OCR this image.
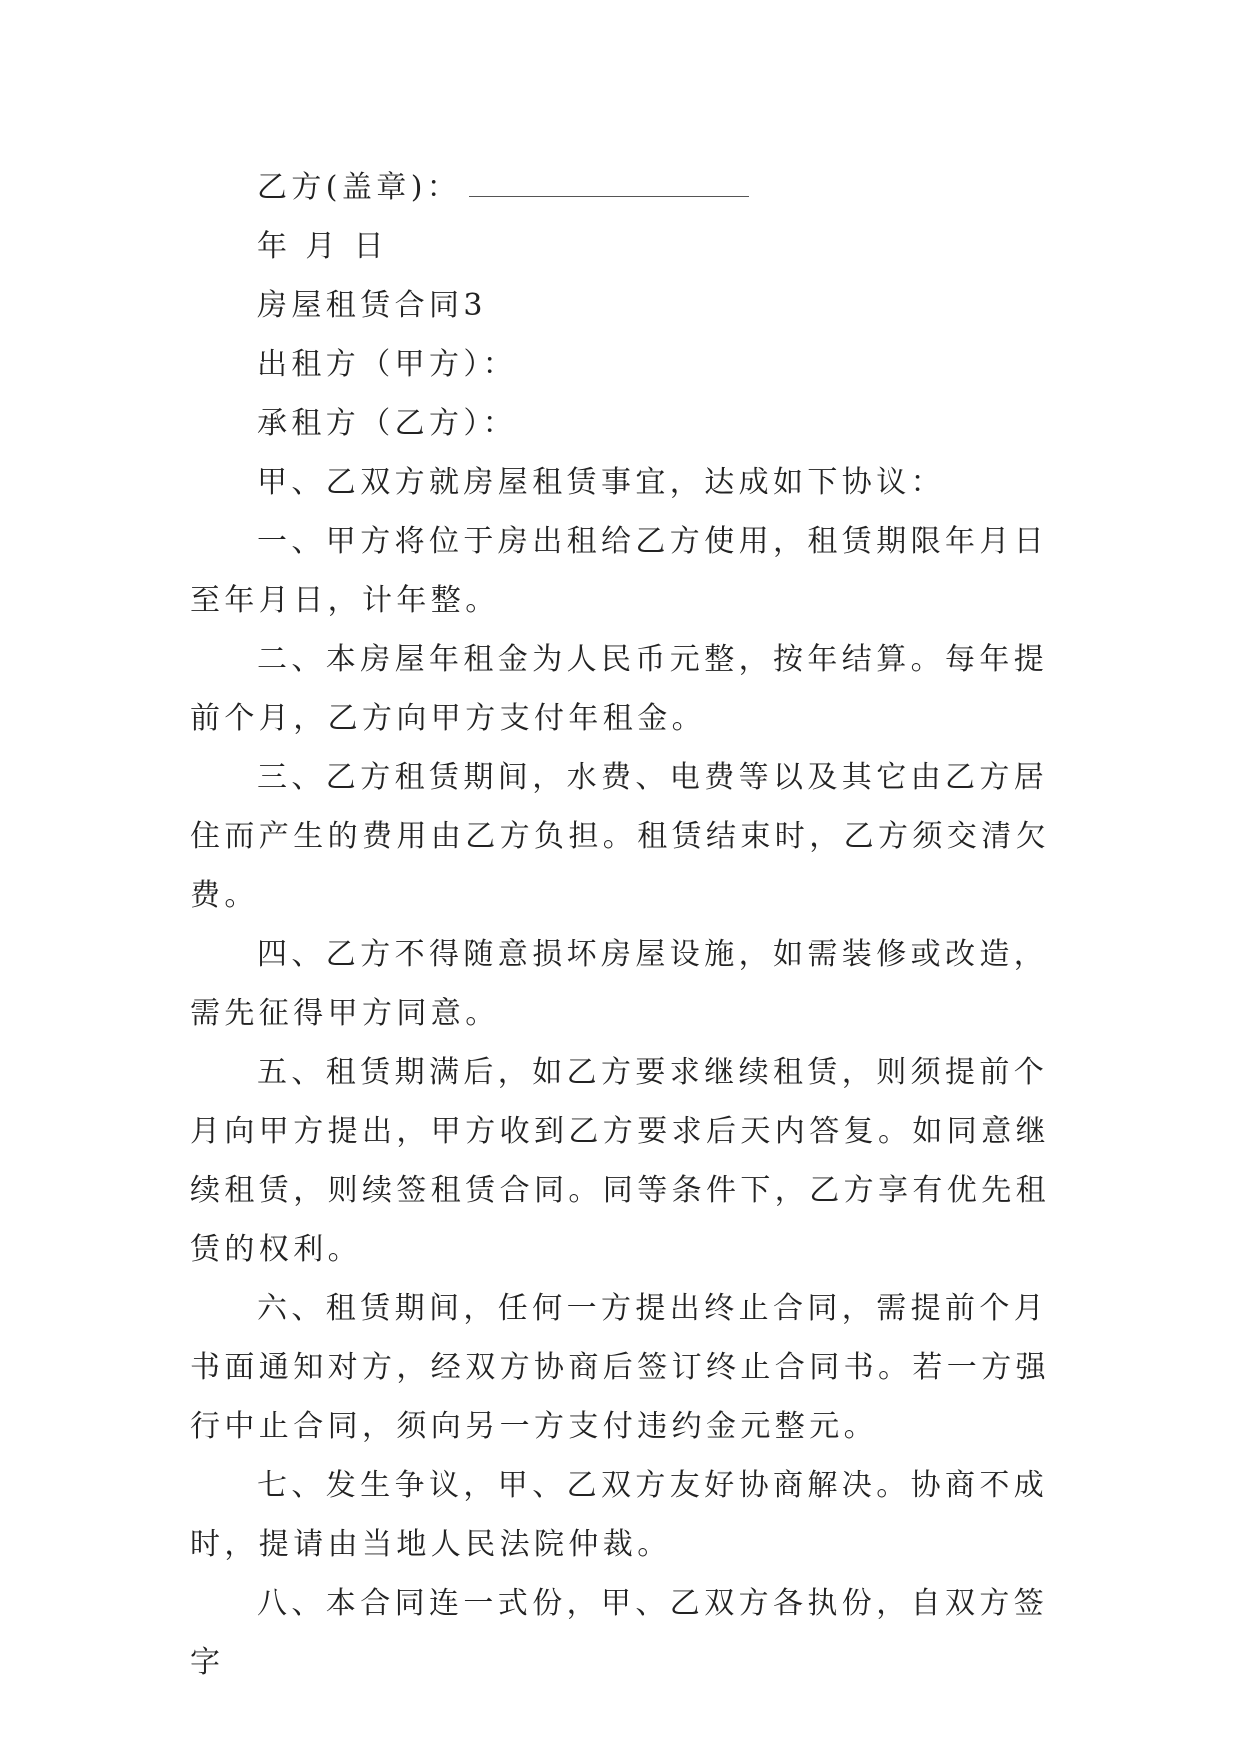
乙方(盖章)：
年 月 日
房屋租赁合同3
出租方（甲方）：
承租方（乙方）：
甲、乙双方就房屋租赁事宜，达成如下协议：

一、甲方将位于房出租给乙方使用，租赁期限年月日至年月日，计年整。

二、本房屋年租金为人民币元整，按年结算。每年提前个月，乙方向甲方支付年租金。

三、乙方租赁期间，水费、电费等以及其它由乙方居住而产生的费用由乙方负担。租赁结束时，乙方须交清欠费。

四、乙方不得随意损坏房屋设施，如需装修或改造，需先征得甲方同意。

五、租赁期满后，如乙方要求继续租赁，则须提前个月向甲方提出，甲方收到乙方要求后天内答复。如同意继续租赁，则续签租赁合同。同等条件下，乙方享有优先租赁的权利。

六、租赁期间，任何一方提出终止合同，需提前个月书面通知对方，经双方协商后签订终止合同书。若一方强行中止合同，须向另一方支付违约金元整元。

七、发生争议，甲、乙双方友好协商解决。协商不成时，提请由当地人民法院仲裁。

八、本合同连一式份，甲、乙双方各执份，自双方签字
